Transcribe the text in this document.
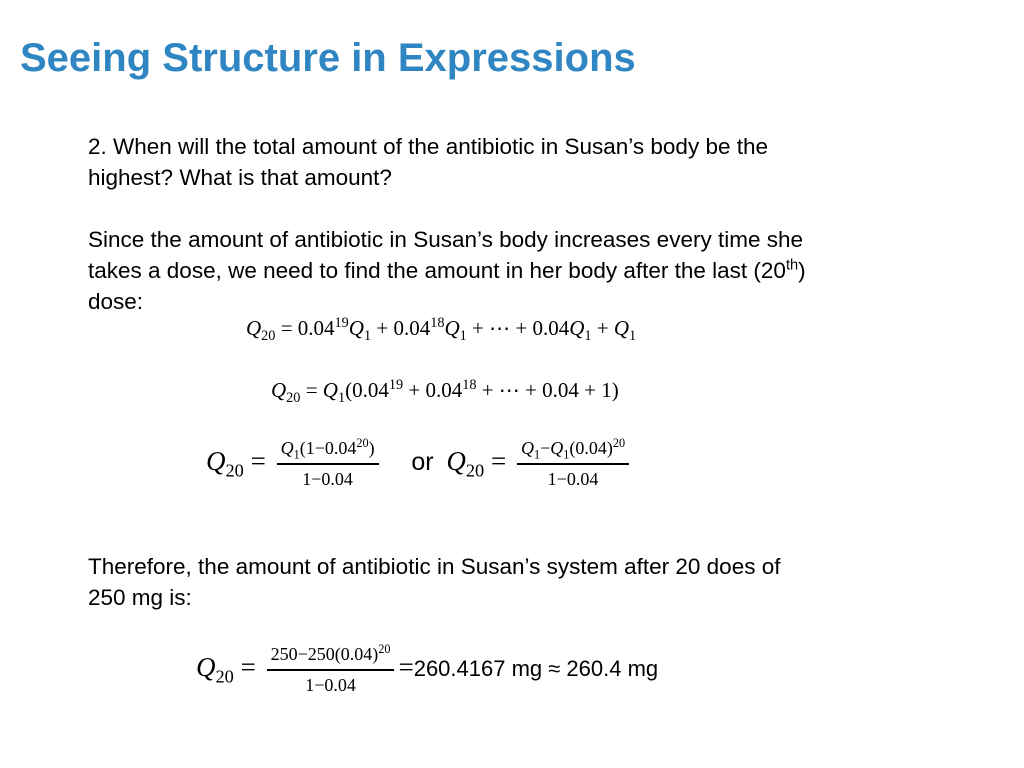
Seeing Structure in Expressions
2. When will the total amount of the antibiotic in Susan’s body be the
highest? What is that amount?
Since the amount of antibiotic in Susan’s body increases every time she
takes a dose, we need to find the amount in her body after the last (20th)
dose:
$Q_{20} = 0.04^{19}Q_1 + 0.04^{18}Q_1$ + ⋯ + $0.04Q_1 + Q_1$
$Q_{20} = Q_1(0.04^{19} + 0.04^{18}$ + ⋯ + 0.04 + 1)
$Q_{20} = \frac{Q_1(1-0.04^{20})}{1-0.04}$ or $Q_{20} = \frac{Q_1-Q_1(0.04)^{20}}{1-0.04}$
Therefore, the amount of antibiotic in Susan’s system after 20 does of
250 mg is:
$Q_{20} = \frac{250-250(0.04)^{20}}{1-0.04} =260.4167$ mg ≈ 260.4 mg
